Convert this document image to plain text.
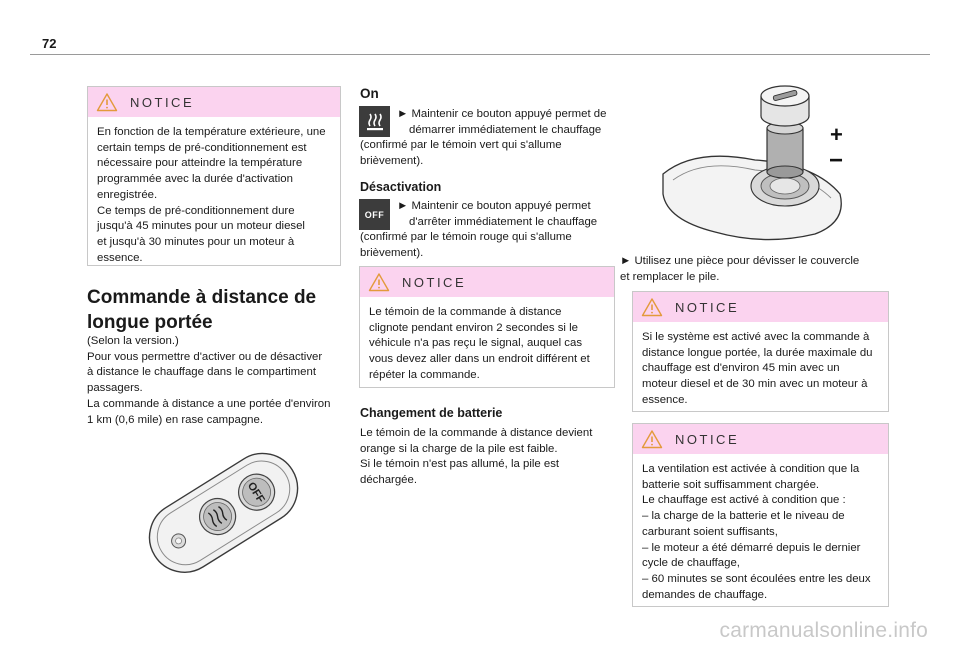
72
NOTICE
En fonction de la température extérieure, une
certain temps de pré-conditionnement est
nécessaire pour atteindre la température
programmée avec la durée d'activation
enregistrée.
Ce temps de pré-conditionnement dure
jusqu'à 45 minutes pour un moteur diesel
et jusqu'à 30 minutes pour un moteur à
essence.
Commande à distance de
longue portée
(Selon la version.)
Pour vous permettre d'activer ou de désactiver
à distance le chauffage dans le compartiment
passagers.
La commande à distance a une portée d'environ
1 km (0,6 mile) en rase campagne.
OFF
On
► Maintenir ce bouton appuyé permet de
démarrer immédiatement le chauffage
(confirmé par le témoin vert qui s'allume
brièvement).
Désactivation
OFF
► Maintenir ce bouton appuyé permet
d'arrêter immédiatement le chauffage
(confirmé par le témoin rouge qui s'allume
brièvement).
NOTICE
Le témoin de la commande à distance
clignote pendant environ 2 secondes si le
véhicule n'a pas reçu le signal, auquel cas
vous devez aller dans un endroit différent et
répéter la commande.
Changement de batterie
Le témoin de la commande à distance devient
orange si la charge de la pile est faible.
Si le témoin n'est pas allumé, la pile est
déchargée.
+
−
► Utilisez une pièce pour dévisser le couvercle
et remplacer le pile.
NOTICE
Si le système est activé avec la commande à
distance longue portée, la durée maximale du
chauffage est d'environ 45 min avec un
moteur diesel et de 30 min avec un moteur à
essence.
NOTICE
La ventilation est activée à condition que la
batterie soit suffisamment chargée.
Le chauffage est activé à condition que :
– la charge de la batterie et le niveau de
carburant soient suffisants,
– le moteur a été démarré depuis le dernier
cycle de chauffage,
– 60 minutes se sont écoulées entre les deux
demandes de chauffage.
carmanualsonline.info
